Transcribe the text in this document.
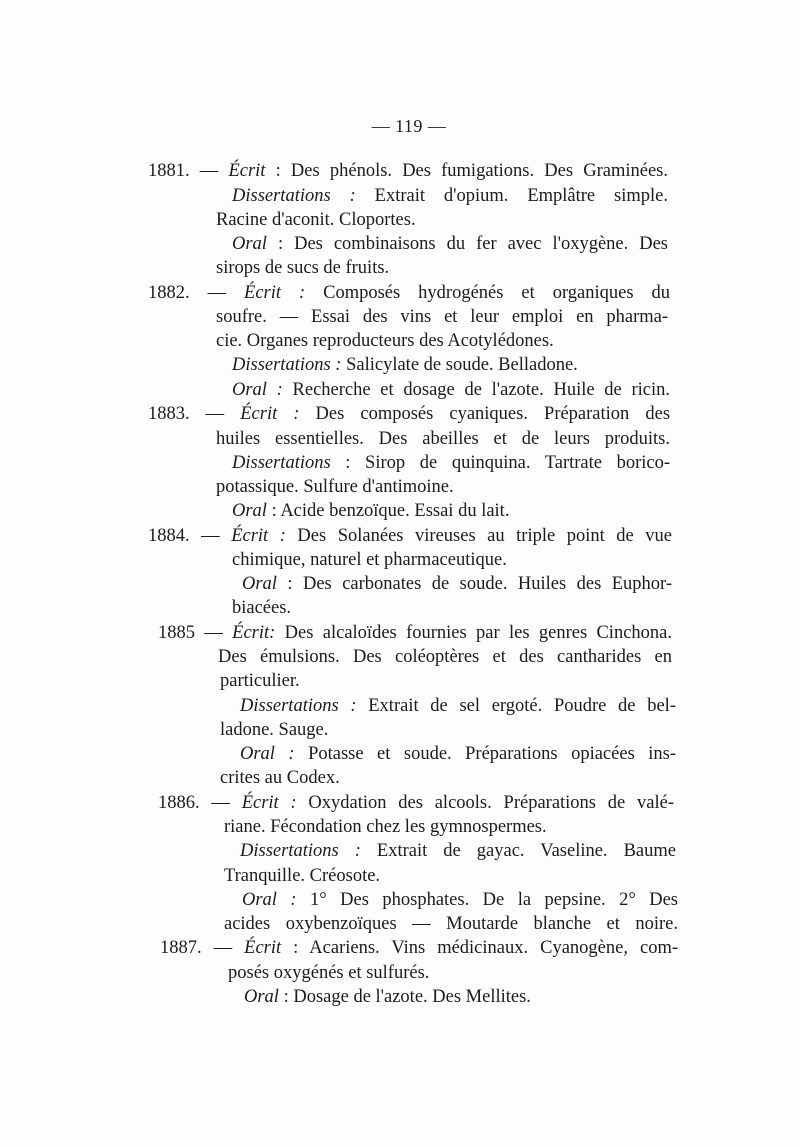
— 119 —
1881. — Écrit : Des phénols. Des fumigations. Des Graminées.
Dissertations : Extrait d'opium. Emplâtre simple.
Racine d'aconit. Cloportes.
Oral : Des combinaisons du fer avec l'oxygène. Des
sirops de sucs de fruits.
1882. — Écrit : Composés hydrogénés et organiques du
soufre. — Essai des vins et leur emploi en pharma-
cie. Organes reproducteurs des Acotylédones.
Dissertations : Salicylate de soude. Belladone.
Oral : Recherche et dosage de l'azote. Huile de ricin.
1883. — Écrit : Des composés cyaniques. Préparation des
huiles essentielles. Des abeilles et de leurs produits.
Dissertations : Sirop de quinquina. Tartrate borico-
potassique. Sulfure d'antimoine.
Oral : Acide benzoïque. Essai du lait.
1884. — Écrit : Des Solanées vireuses au triple point de vue
chimique, naturel et pharmaceutique.
Oral : Des carbonates de soude. Huiles des Euphor-
biacées.
1885 — Écrit: Des alcaloïdes fournies par les genres Cinchona.
Des émulsions. Des coléoptères et des cantharides en
particulier.
Dissertations : Extrait de sel ergoté. Poudre de bel-
ladone. Sauge.
Oral : Potasse et soude. Préparations opiacées ins-
crites au Codex.
1886. — Écrit : Oxydation des alcools. Préparations de valé-
riane. Fécondation chez les gymnospermes.
Dissertations : Extrait de gayac. Vaseline. Baume
Tranquille. Créosote.
Oral : 1° Des phosphates. De la pepsine. 2° Des
acides oxybenzoïques — Moutarde blanche et noire.
1887. — Écrit : Acariens. Vins médicinaux. Cyanogène, com-
posés oxygénés et sulfurés.
Oral : Dosage de l'azote. Des Mellites.
